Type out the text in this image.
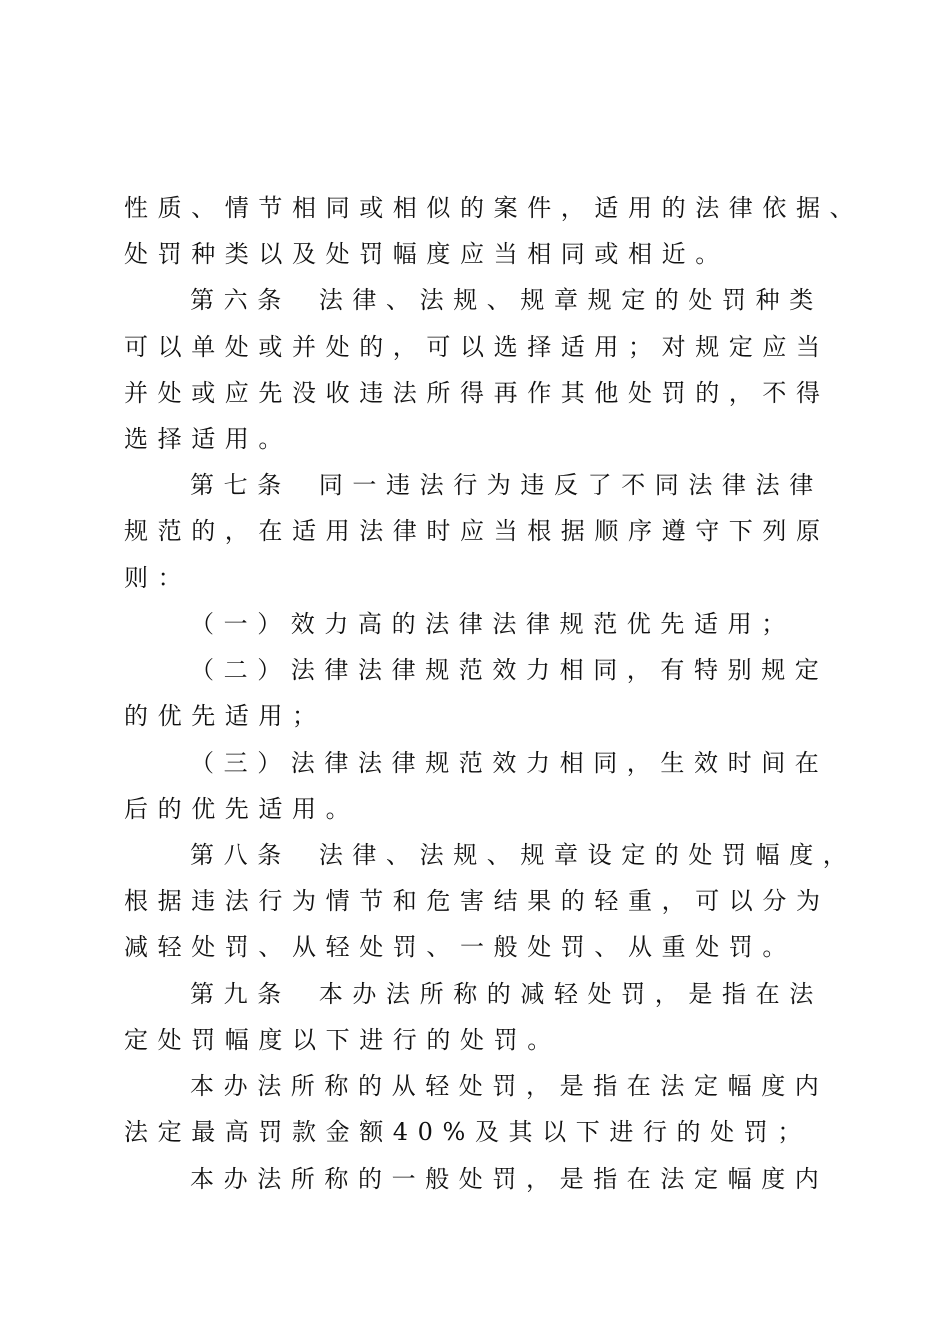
性质、情节相同或相似的案件，适用的法律依据、
处罚种类以及处罚幅度应当相同或相近。
第六条 法律、法规、规章规定的处罚种类
可以单处或并处的，可以选择适用；对规定应当
并处或应先没收违法所得再作其他处罚的，不得
选择适用。
第七条 同一违法行为违反了不同法律法律
规范的，在适用法律时应当根据顺序遵守下列原
则：
（一）效力高的法律法律规范优先适用；
（二）法律法律规范效力相同，有特别规定
的优先适用；
（三）法律法律规范效力相同，生效时间在
后的优先适用。
第八条 法律、法规、规章设定的处罚幅度，
根据违法行为情节和危害结果的轻重，可以分为
减轻处罚、从轻处罚、一般处罚、从重处罚。
第九条 本办法所称的减轻处罚，是指在法
定处罚幅度以下进行的处罚。
本办法所称的从轻处罚，是指在法定幅度内
法定最高罚款金额40%及其以下进行的处罚；
本办法所称的一般处罚，是指在法定幅度内
